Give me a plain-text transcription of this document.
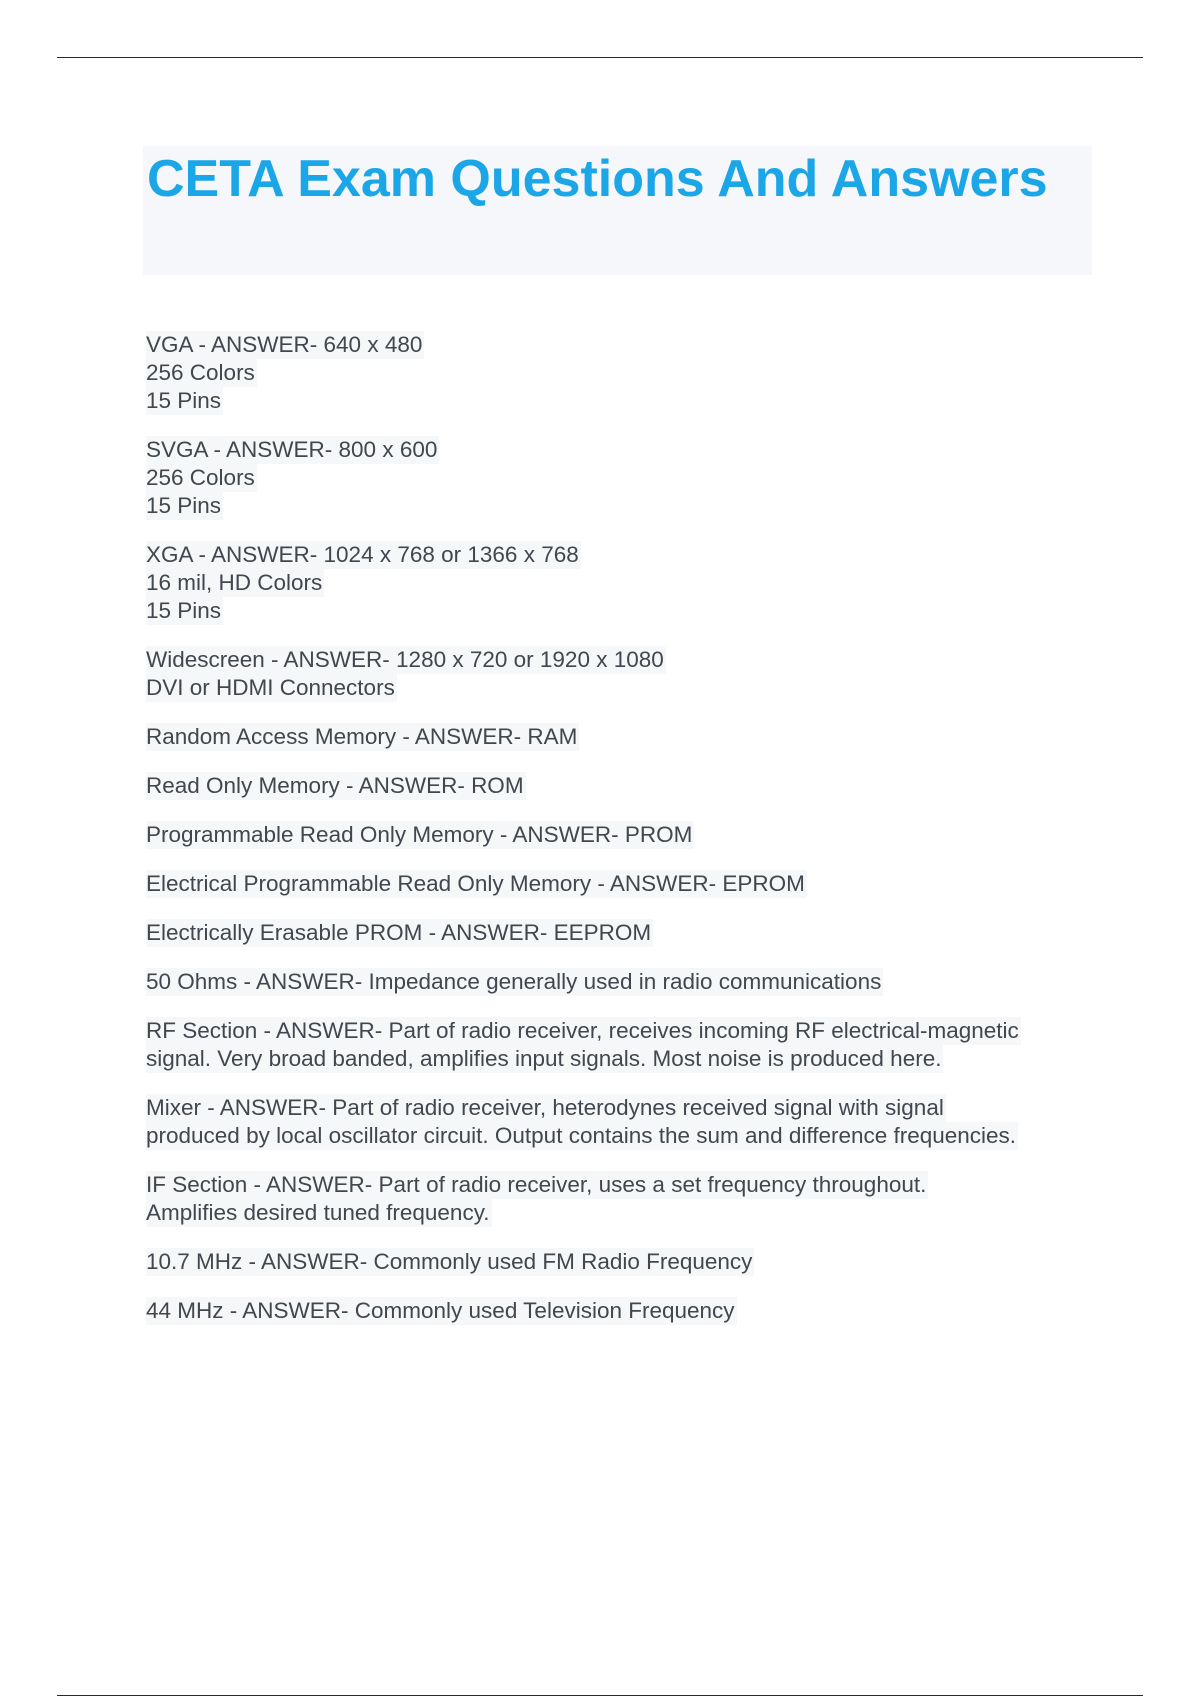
CETA Exam Questions And Answers
VGA - ANSWER- 640 x 480
256 Colors
15 Pins
SVGA - ANSWER- 800 x 600
256 Colors
15 Pins
XGA - ANSWER- 1024 x 768 or 1366 x 768
16 mil, HD Colors
15 Pins
Widescreen - ANSWER- 1280 x 720 or 1920 x 1080
DVI or HDMI Connectors
Random Access Memory - ANSWER- RAM
Read Only Memory - ANSWER- ROM
Programmable Read Only Memory - ANSWER- PROM
Electrical Programmable Read Only Memory - ANSWER- EPROM
Electrically Erasable PROM - ANSWER- EEPROM
50 Ohms - ANSWER- Impedance generally used in radio communications
RF Section - ANSWER- Part of radio receiver, receives incoming RF electrical-magnetic
signal. Very broad banded, amplifies input signals. Most noise is produced here.
Mixer - ANSWER- Part of radio receiver, heterodynes received signal with signal
produced by local oscillator circuit. Output contains the sum and difference frequencies.
IF Section - ANSWER- Part of radio receiver, uses a set frequency throughout.
Amplifies desired tuned frequency.
10.7 MHz - ANSWER- Commonly used FM Radio Frequency
44 MHz - ANSWER- Commonly used Television Frequency
